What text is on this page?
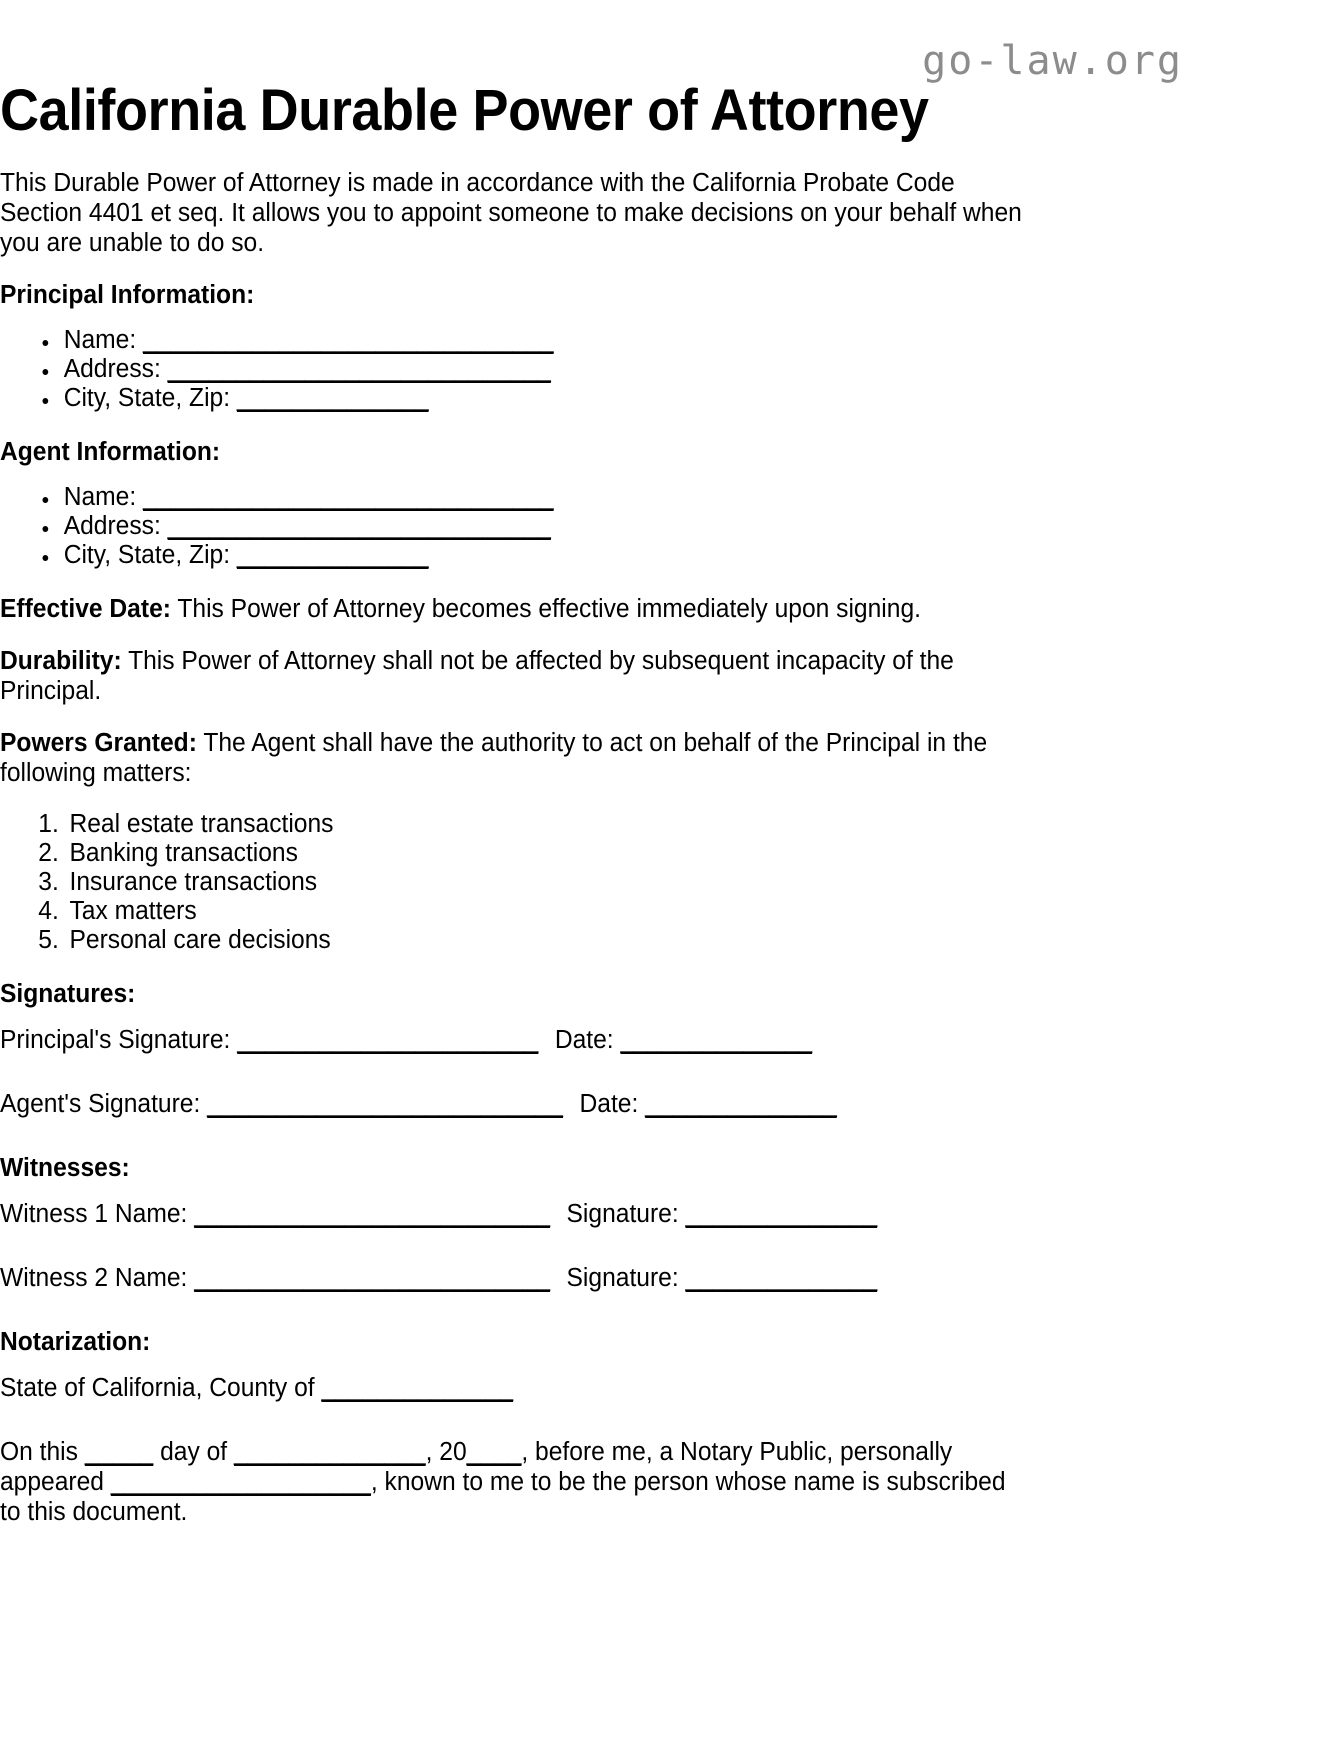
go-law.org
California Durable Power of Attorney

This Durable Power of Attorney is made in accordance with the California Probate Code Section 4401 et seq. It allows you to appoint someone to make decisions on your behalf when you are unable to do so.

Principal Information:
• Name: ______________________________
• Address: ____________________________
• City, State, Zip: ______________
Agent Information:
• Name: ______________________________
• Address: ____________________________
• City, State, Zip: ______________

Effective Date: This Power of Attorney becomes effective immediately upon signing.

Durability: This Power of Attorney shall not be affected by subsequent incapacity of the Principal.

Powers Granted: The Agent shall have the authority to act on behalf of the Principal in the following matters:

1. Real estate transactions
2. Banking transactions
3. Insurance transactions
4. Tax matters
5. Personal care decisions
Signatures:

Principal's Signature: ______________________ Date: ______________

Agent's Signature: __________________________ Date: ______________

Witnesses:

Witness 1 Name: __________________________ Signature: ______________

Witness 2 Name: __________________________ Signature: ______________

Notarization:

State of California, County of ______________

On this _____ day of ______________, 20____, before me, a Notary Public, personally appeared ___________________, known to me to be the person whose name is subscribed to this document.
